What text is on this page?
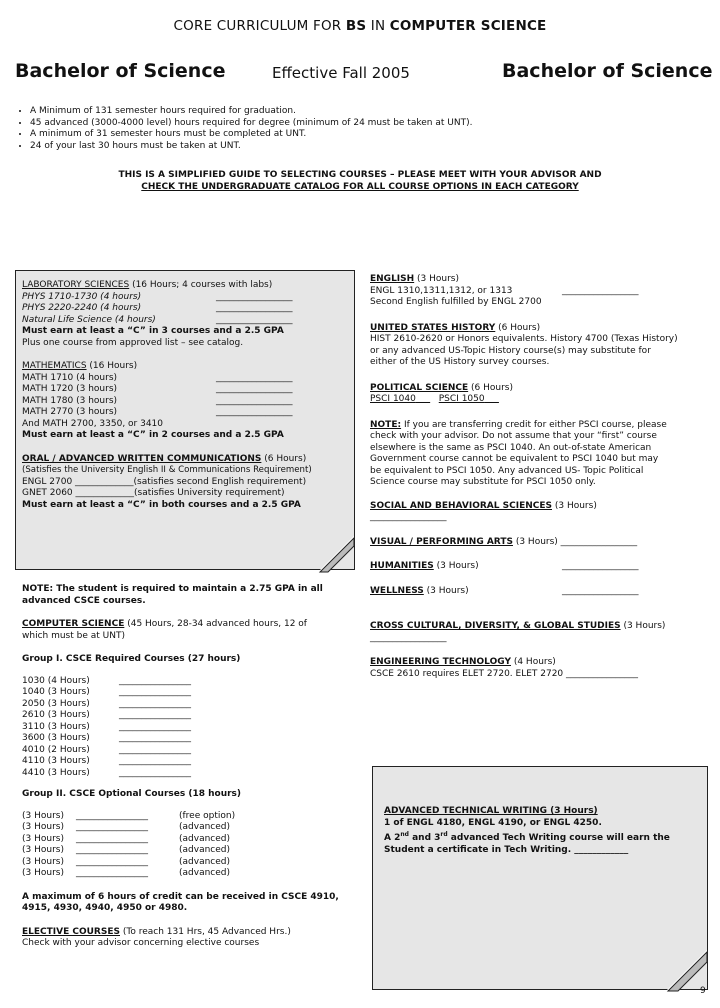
CORE CURRICULUM FOR BS IN COMPUTER SCIENCE
Bachelor of Science	Effective Fall 2005	Bachelor of Science
• A Minimum of 131 semester hours required for graduation.
• 45 advanced (3000-4000 level) hours required for degree (minimum of 24 must be taken at UNT).
• A minimum of 31 semester hours must be completed at UNT.
• 24 of your last 30 hours must be taken at UNT.
THIS IS A SIMPLIFIED GUIDE TO SELECTING COURSES – PLEASE MEET WITH YOUR ADVISOR AND
CHECK THE UNDERGRADUATE CATALOG FOR ALL COURSE OPTIONS IN EACH CATEGORY
LABORATORY SCIENCES (16 Hours; 4 courses with labs)
PHYS 1710-1730 (4 hours)	_________________
PHYS 2220-2240 (4 hours)	_________________
Natural Life Science (4 hours)	_________________
Must earn at least a “C” in 3 courses and a 2.5 GPA
Plus one course from approved list – see catalog.
MATHEMATICS (16 Hours)
MATH 1710 (4 hours)	_________________
MATH 1720 (3 hours)	_________________
MATH 1780 (3 hours)	_________________
MATH 2770 (3 hours)	_________________
And MATH 2700, 3350, or 3410
Must earn at least a “C” in 2 courses and a 2.5 GPA
ORAL / ADVANCED WRITTEN COMMUNICATIONS (6 Hours)
(Satisfies the University English II & Communications Requirement)
ENGL 2700 _____________(satisfies second English requirement)
GNET 2060 _____________(satisfies University requirement)
Must earn at least a “C” in both courses and a 2.5 GPA
NOTE: The student is required to maintain a 2.75 GPA in all
advanced CSCE courses.
COMPUTER SCIENCE (45 Hours, 28-34 advanced hours, 12 of
which must be at UNT)
Group I. CSCE Required Courses (27 hours)
1030 (4 Hours)	________________
1040 (3 Hours)	________________
2050 (3 Hours)	________________
2610 (3 Hours)	________________
3110 (3 Hours)	________________
3600 (3 Hours)	________________
4010 (2 Hours)	________________
4110 (3 Hours)	________________
4410 (3 Hours)	________________
Group II. CSCE Optional Courses (18 hours)
(3 Hours) ________________	(free option)
(3 Hours) ________________	(advanced)
(3 Hours) ________________	(advanced)
(3 Hours) ________________	(advanced)
(3 Hours) ________________	(advanced)
(3 Hours) ________________	(advanced)
A maximum of 6 hours of credit can be received in CSCE 4910,
4915, 4930, 4940, 4950 or 4980.
ELECTIVE COURSES (To reach 131 Hrs, 45 Advanced Hrs.)
Check with your advisor concerning elective courses
ENGLISH (3 Hours)
ENGL 1310,1311,1312, or 1313	_________________
Second English fulfilled by ENGL 2700
UNITED STATES HISTORY (6 Hours)
HIST 2610-2620 or Honors equivalents. History 4700 (Texas History)
or any advanced US-Topic History course(s) may substitute for
either of the US History survey courses.
POLITICAL SCIENCE (6 Hours)
PSCI 1040	PSCI 1050
NOTE: If you are transferring credit for either PSCI course, please
check with your advisor. Do not assume that your “first” course
elsewhere is the same as PSCI 1040. An out-of-state American
Government course cannot be equivalent to PSCI 1040 but may
be equivalent to PSCI 1050. Any advanced US- Topic Political
Science course may substitute for PSCI 1050 only.
SOCIAL AND BEHAVIORAL SCIENCES (3 Hours)
_________________
VISUAL / PERFORMING ARTS (3 Hours) _________________
HUMANITIES (3 Hours)	_________________
WELLNESS (3 Hours)	_________________
CROSS CULTURAL, DIVERSITY, & GLOBAL STUDIES (3 Hours)
_________________
ENGINEERING TECHNOLOGY (4 Hours)
CSCE 2610 requires ELET 2720. ELET 2720 ________________
ADVANCED TECHNICAL WRITING (3 Hours)
1 of ENGL 4180, ENGL 4190, or ENGL 4250.
A 2nd and 3rd advanced Tech Writing course will earn the
Student a certificate in Tech Writing. ____________
9
